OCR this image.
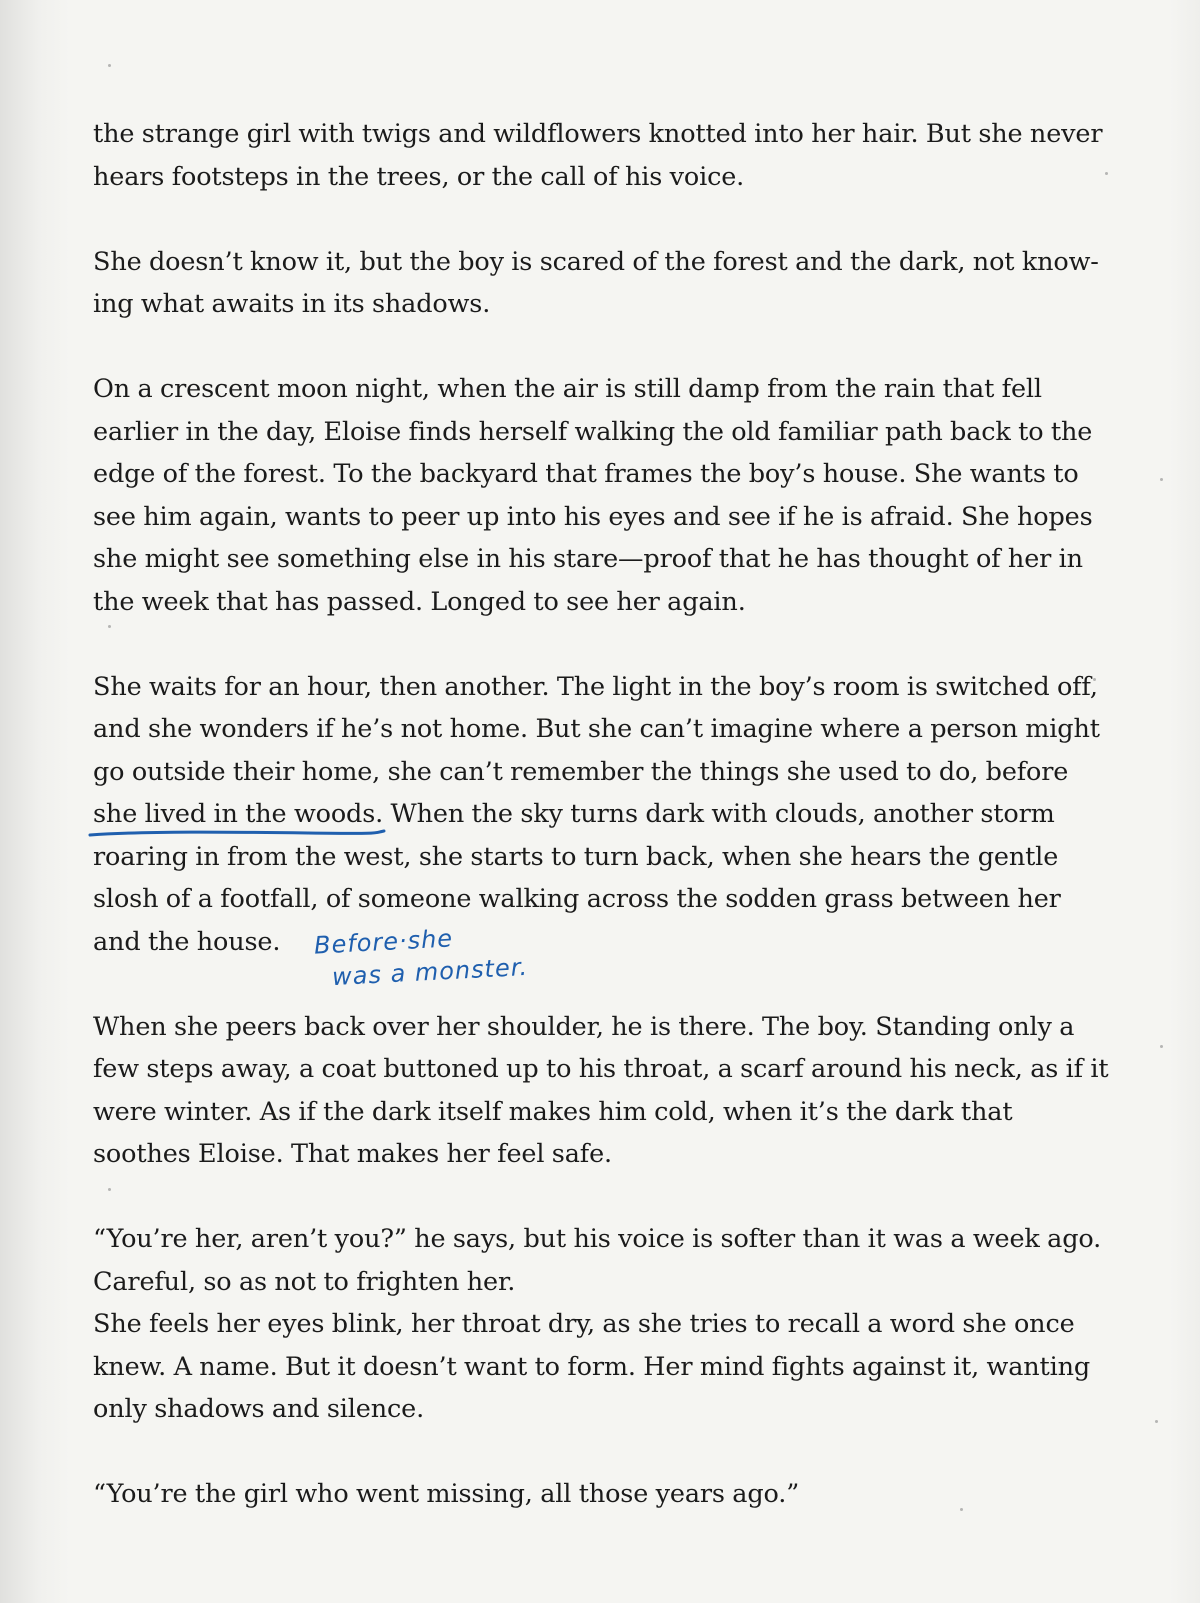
the strange girl with twigs and wildflowers knotted into her hair. But she never
hears footsteps in the trees, or the call of his voice.

She doesn’t know it, but the boy is scared of the forest and the dark, not know-
ing what awaits in its shadows.

On a crescent moon night, when the air is still damp from the rain that fell
earlier in the day, Eloise finds herself walking the old familiar path back to the
edge of the forest. To the backyard that frames the boy’s house. She wants to
see him again, wants to peer up into his eyes and see if he is afraid. She hopes
she might see something else in his stare—proof that he has thought of her in
the week that has passed. Longed to see her again.

She waits for an hour, then another. The light in the boy’s room is switched off,
and she wonders if he’s not home. But she can’t imagine where a person might
go outside their home, she can’t remember the things she used to do, before
she lived in the woods. When the sky turns dark with clouds, another storm
roaring in from the west, she starts to turn back, when she hears the gentle
slosh of a footfall, of someone walking across the sodden grass between her
and the house.

When she peers back over her shoulder, he is there. The boy. Standing only a
few steps away, a coat buttoned up to his throat, a scarf around his neck, as if it
were winter. As if the dark itself makes him cold, when it’s the dark that
soothes Eloise. That makes her feel safe.

“You’re her, aren’t you?” he says, but his voice is softer than it was a week ago.
Careful, so as not to frighten her.

She feels her eyes blink, her throat dry, as she tries to recall a word she once
knew. A name. But it doesn’t want to form. Her mind fights against it, wanting
only shadows and silence.

“You’re the girl who went missing, all those years ago.”

Before·she
was a monster.
